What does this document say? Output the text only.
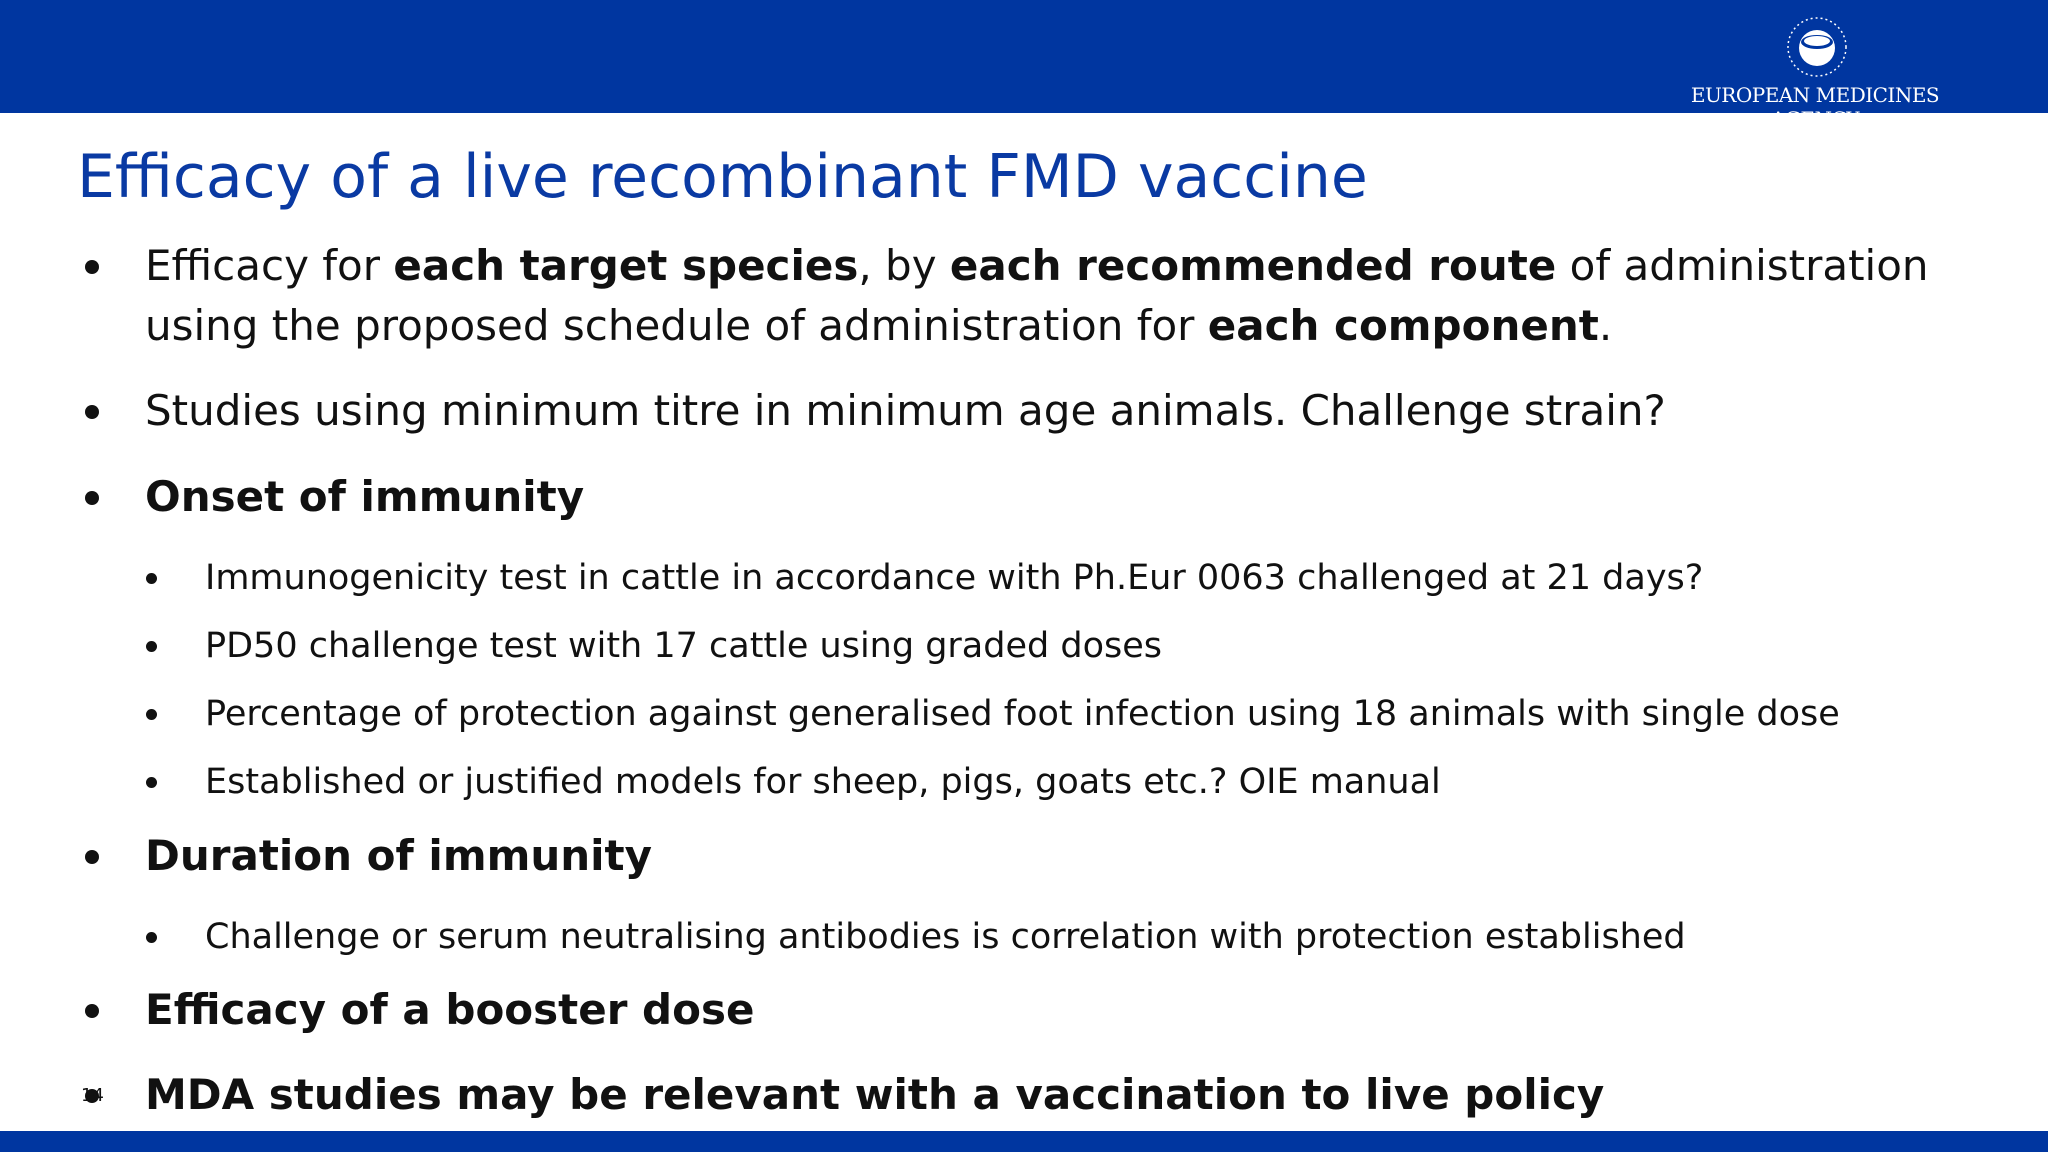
EUROPEAN MEDICINES AGENCY
Efficacy of a live recombinant FMD vaccine
Efficacy for each target species, by each recommended route of administration
using the proposed schedule of administration for each component.
Studies using minimum titre in minimum age animals. Challenge strain?
Onset of immunity
Immunogenicity test in cattle in accordance with Ph.Eur 0063 challenged at 21 days?
PD50 challenge test with 17 cattle using graded doses
Percentage of protection against generalised foot infection using 18 animals with single dose
Established or justified models for sheep, pigs, goats etc.? OIE manual
Duration of immunity
Challenge or serum neutralising antibodies is correlation with protection established
Efficacy of a booster dose
MDA studies may be relevant with a vaccination to live policy
14
